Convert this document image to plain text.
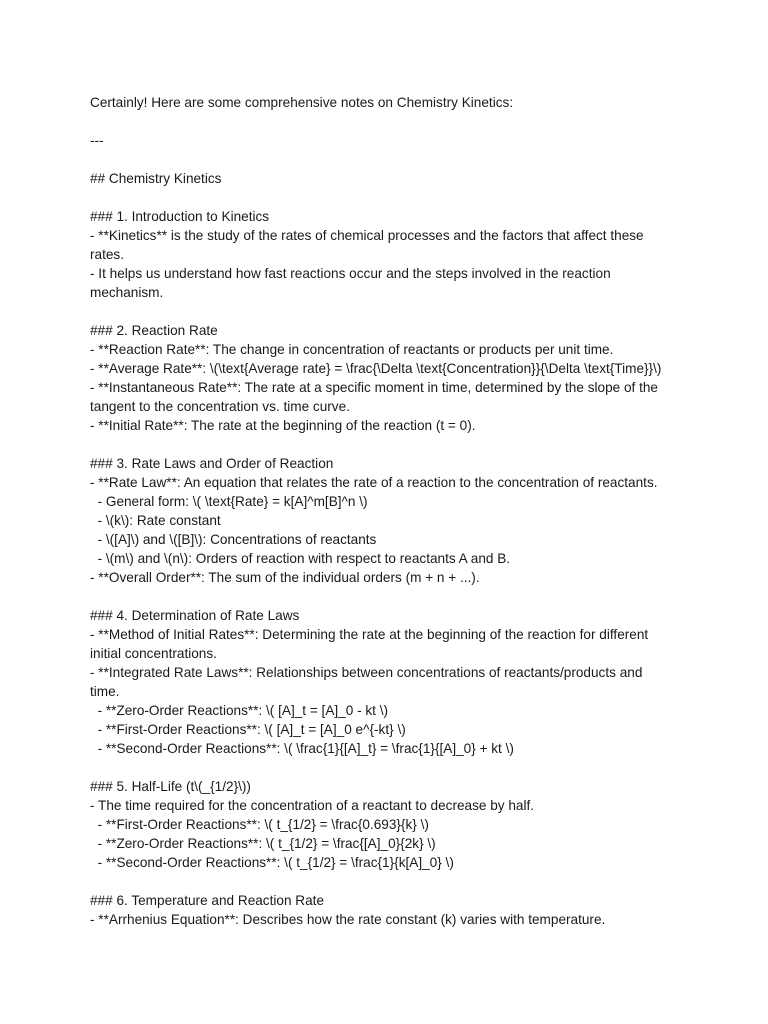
Certainly! Here are some comprehensive notes on Chemistry Kinetics:
---
## Chemistry Kinetics
### 1. Introduction to Kinetics
- **Kinetics** is the study of the rates of chemical processes and the factors that affect these
rates.
- It helps us understand how fast reactions occur and the steps involved in the reaction
mechanism.
### 2. Reaction Rate
- **Reaction Rate**: The change in concentration of reactants or products per unit time.
- **Average Rate**: \(\text{Average rate} = \frac{\Delta \text{Concentration}}{\Delta \text{Time}}\)
- **Instantaneous Rate**: The rate at a specific moment in time, determined by the slope of the
tangent to the concentration vs. time curve.
- **Initial Rate**: The rate at the beginning of the reaction (t = 0).
### 3. Rate Laws and Order of Reaction
- **Rate Law**: An equation that relates the rate of a reaction to the concentration of reactants.
- General form: \( \text{Rate} = k[A]^m[B]^n \)
- \(k\): Rate constant
- \([A]\) and \([B]\): Concentrations of reactants
- \(m\) and \(n\): Orders of reaction with respect to reactants A and B.
- **Overall Order**: The sum of the individual orders (m + n + ...).
### 4. Determination of Rate Laws
- **Method of Initial Rates**: Determining the rate at the beginning of the reaction for different
initial concentrations.
- **Integrated Rate Laws**: Relationships between concentrations of reactants/products and
time.
- **Zero-Order Reactions**: \( [A]_t = [A]_0 - kt \)
- **First-Order Reactions**: \( [A]_t = [A]_0 e^{-kt} \)
- **Second-Order Reactions**: \( \frac{1}{[A]_t} = \frac{1}{[A]_0} + kt \)
### 5. Half-Life (t\(_{1/2}\))
- The time required for the concentration of a reactant to decrease by half.
- **First-Order Reactions**: \( t_{1/2} = \frac{0.693}{k} \)
- **Zero-Order Reactions**: \( t_{1/2} = \frac{[A]_0}{2k} \)
- **Second-Order Reactions**: \( t_{1/2} = \frac{1}{k[A]_0} \)
### 6. Temperature and Reaction Rate
- **Arrhenius Equation**: Describes how the rate constant (k) varies with temperature.
